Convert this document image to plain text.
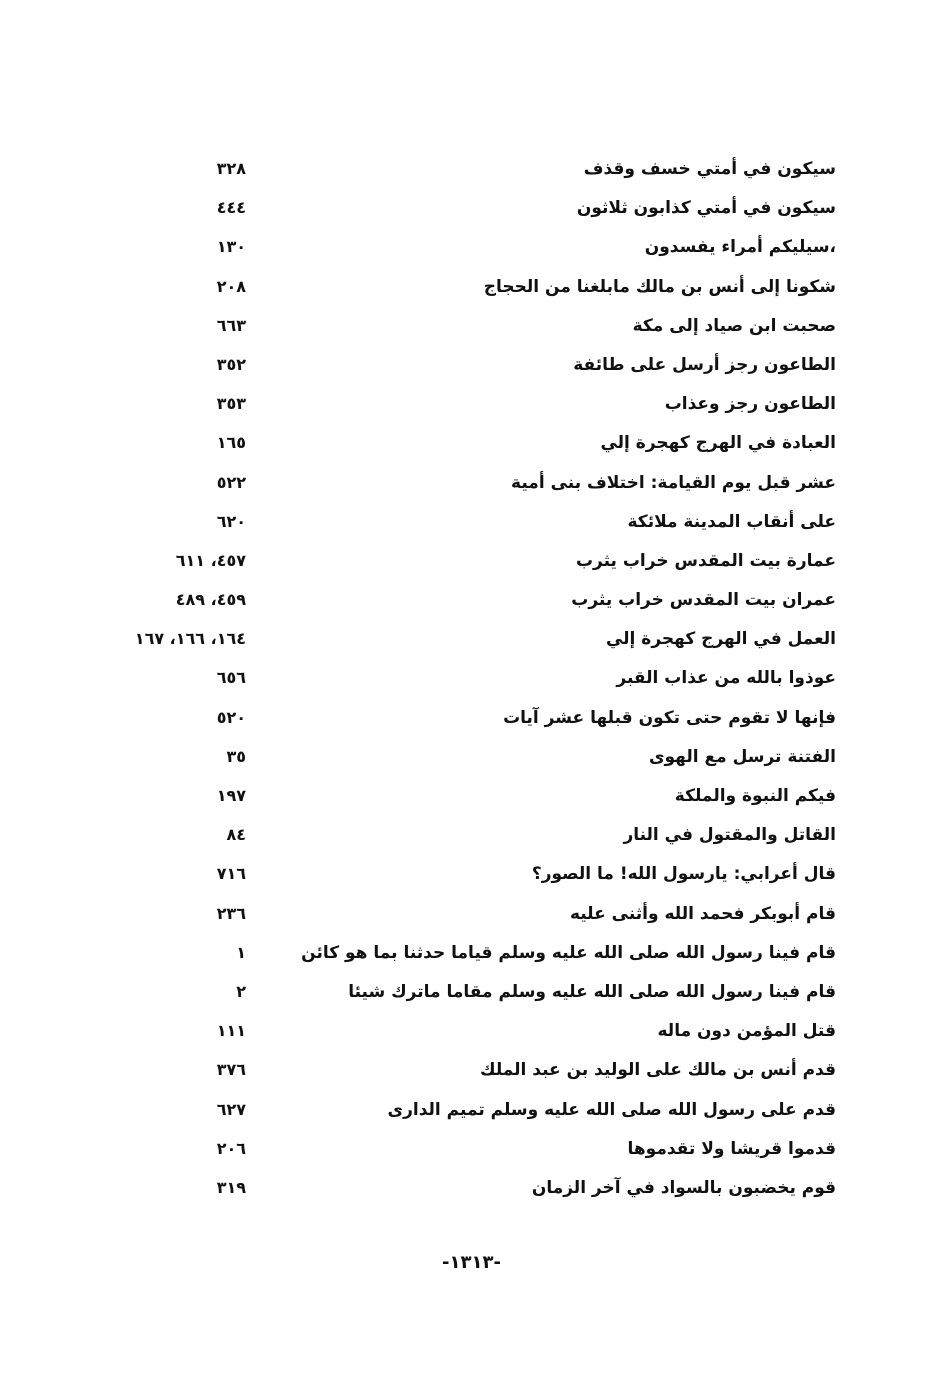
سيكون في أمتي خسف وقذف
٣٢٨
سيكون في أمتي كذابون ثلاثون
٤٤٤
،سيليكم أمراء يفسدون
١٣٠
شكونا إلى أنس بن مالك مابلغنا من الحجاج
٢٠٨
صحبت ابن صياد إلى مكة
٦٦٣
الطاعون رجز أرسل على طائفة
٣٥٢
الطاعون رجز وعذاب
٣٥٣
العبادة في الهرج كهجرة إلي
١٦٥
عشر قبل يوم القيامة: اختلاف بنى أمية
٥٢٢
على أنقاب المدينة ملائكة
٦٢٠
عمارة بيت المقدس خراب يثرب
٤٥٧، ٦١١
عمران بيت المقدس خراب يثرب
٤٥٩، ٤٨٩
العمل في الهرج كهجرة إلي
١٦٤، ١٦٦، ١٦٧
عوذوا بالله من عذاب القبر
٦٥٦
فإنها لا تقوم حتى تكون قبلها عشر آيات
٥٢٠
الفتنة ترسل مع الهوى
٣٥
فيكم النبوة والملكة
١٩٧
القاتل والمقتول في النار
٨٤
قال أعرابي: يارسول الله! ما الصور؟
٧١٦
قام أبوبكر فحمد الله وأثنى عليه
٢٣٦
قام فينا رسول الله صلى الله عليه وسلم قياما حدثنا بما هو كائن
١
قام فينا رسول الله صلى الله عليه وسلم مقاما ماترك شيئا
٢
قتل المؤمن دون ماله
١١١
قدم أنس بن مالك على الوليد بن عبد الملك
٣٧٦
قدم على رسول الله صلى الله عليه وسلم تميم الدارى
٦٢٧
قدموا قريشا ولا تقدموها
٢٠٦
قوم يخضبون بالسواد في آخر الزمان
٣١٩
-١٣١٣-
